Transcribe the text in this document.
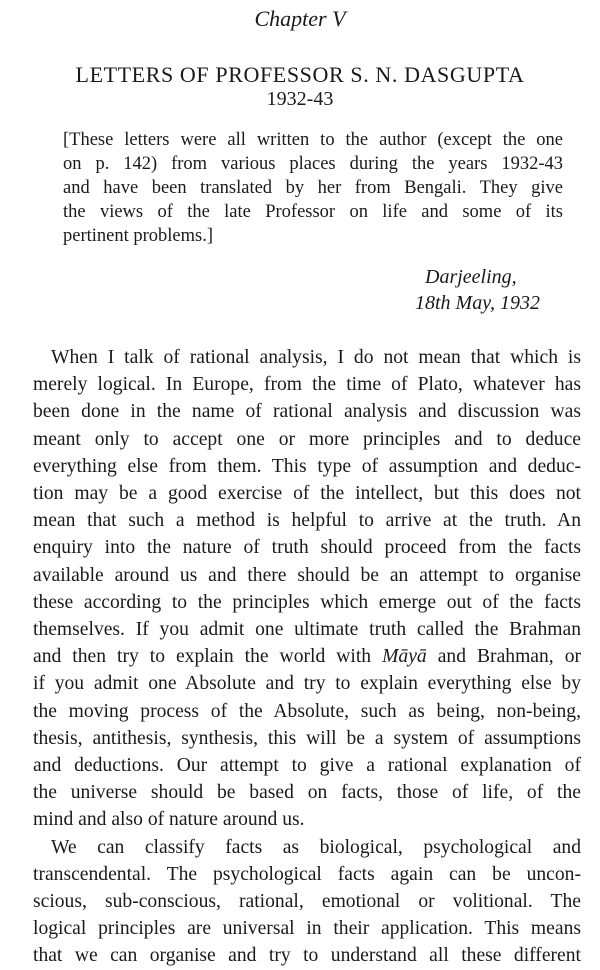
Chapter V
LETTERS OF PROFESSOR S. N. DASGUPTA
1932-43
[These letters were all written to the author (except the one
on p. 142) from various places during the years 1932-43
and have been translated by her from Bengali. They give
the views of the late Professor on life and some of its
pertinent problems.]
Darjeeling,
18th May, 1932
When I talk of rational analysis, I do not mean that which is
merely logical. In Europe, from the time of Plato, whatever has
been done in the name of rational analysis and discussion was
meant only to accept one or more principles and to deduce
everything else from them. This type of assumption and deduc-
tion may be a good exercise of the intellect, but this does not
mean that such a method is helpful to arrive at the truth. An
enquiry into the nature of truth should proceed from the facts
available around us and there should be an attempt to organise
these according to the principles which emerge out of the facts
themselves. If you admit one ultimate truth called the Brahman
and then try to explain the world with Māyā and Brahman, or
if you admit one Absolute and try to explain everything else by
the moving process of the Absolute, such as being, non-being,
thesis, antithesis, synthesis, this will be a system of assumptions
and deductions. Our attempt to give a rational explanation of
the universe should be based on facts, those of life, of the
mind and also of nature around us.
We can classify facts as biological, psychological and
transcendental. The psychological facts again can be uncon-
scious, sub-conscious, rational, emotional or volitional. The
logical principles are universal in their application. This means
that we can organise and try to understand all these different
